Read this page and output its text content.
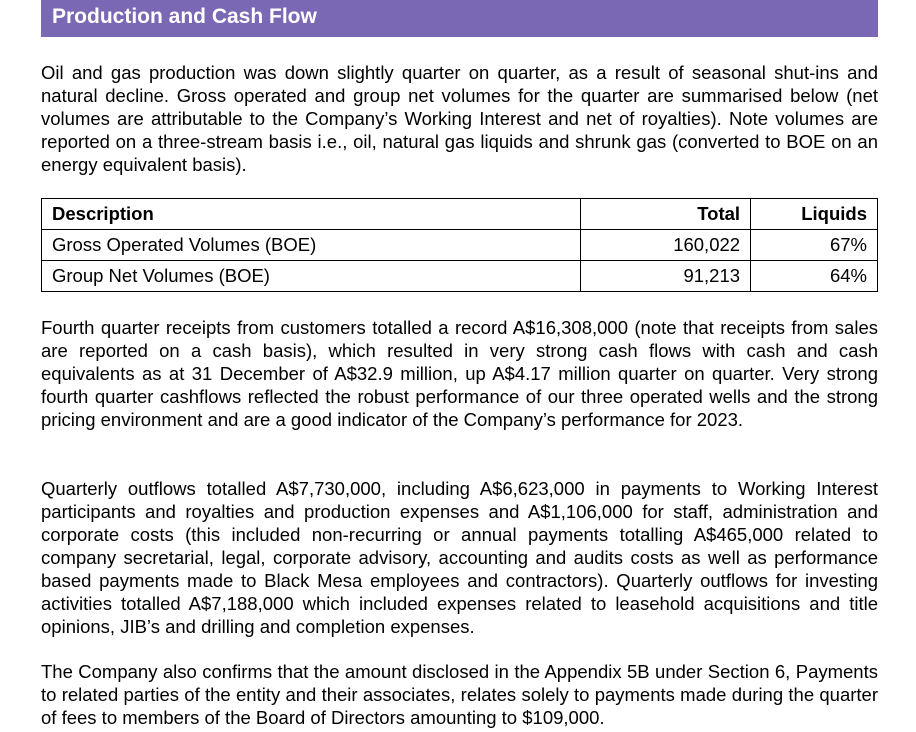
Production and Cash Flow

Oil and gas production was down slightly quarter on quarter, as a result of seasonal shut-ins and natural decline. Gross operated and group net volumes for the quarter are summarised below (net volumes are attributable to the Company’s Working Interest and net of royalties). Note volumes are reported on a three-stream basis i.e., oil, natural gas liquids and shrunk gas (converted to BOE on an energy equivalent basis).

Description	Total	Liquids
Gross Operated Volumes (BOE)	160,022	67%
Group Net Volumes (BOE)	91,213	64%

Fourth quarter receipts from customers totalled a record A$16,308,000 (note that receipts from sales are reported on a cash basis), which resulted in very strong cash flows with cash and cash equivalents as at 31 December of A$32.9 million, up A$4.17 million quarter on quarter. Very strong fourth quarter cashflows reflected the robust performance of our three operated wells and the strong pricing environment and are a good indicator of the Company’s performance for 2023.

Quarterly outflows totalled A$7,730,000, including A$6,623,000 in payments to Working Interest participants and royalties and production expenses and A$1,106,000 for staff, administration and corporate costs (this included non-recurring or annual payments totalling A$465,000 related to company secretarial, legal, corporate advisory, accounting and audits costs as well as performance based payments made to Black Mesa employees and contractors). Quarterly outflows for investing activities totalled A$7,188,000 which included expenses related to leasehold acquisitions and title opinions, JIB’s and drilling and completion expenses.

The Company also confirms that the amount disclosed in the Appendix 5B under Section 6, Payments to related parties of the entity and their associates, relates solely to payments made during the quarter of fees to members of the Board of Directors amounting to $109,000.
